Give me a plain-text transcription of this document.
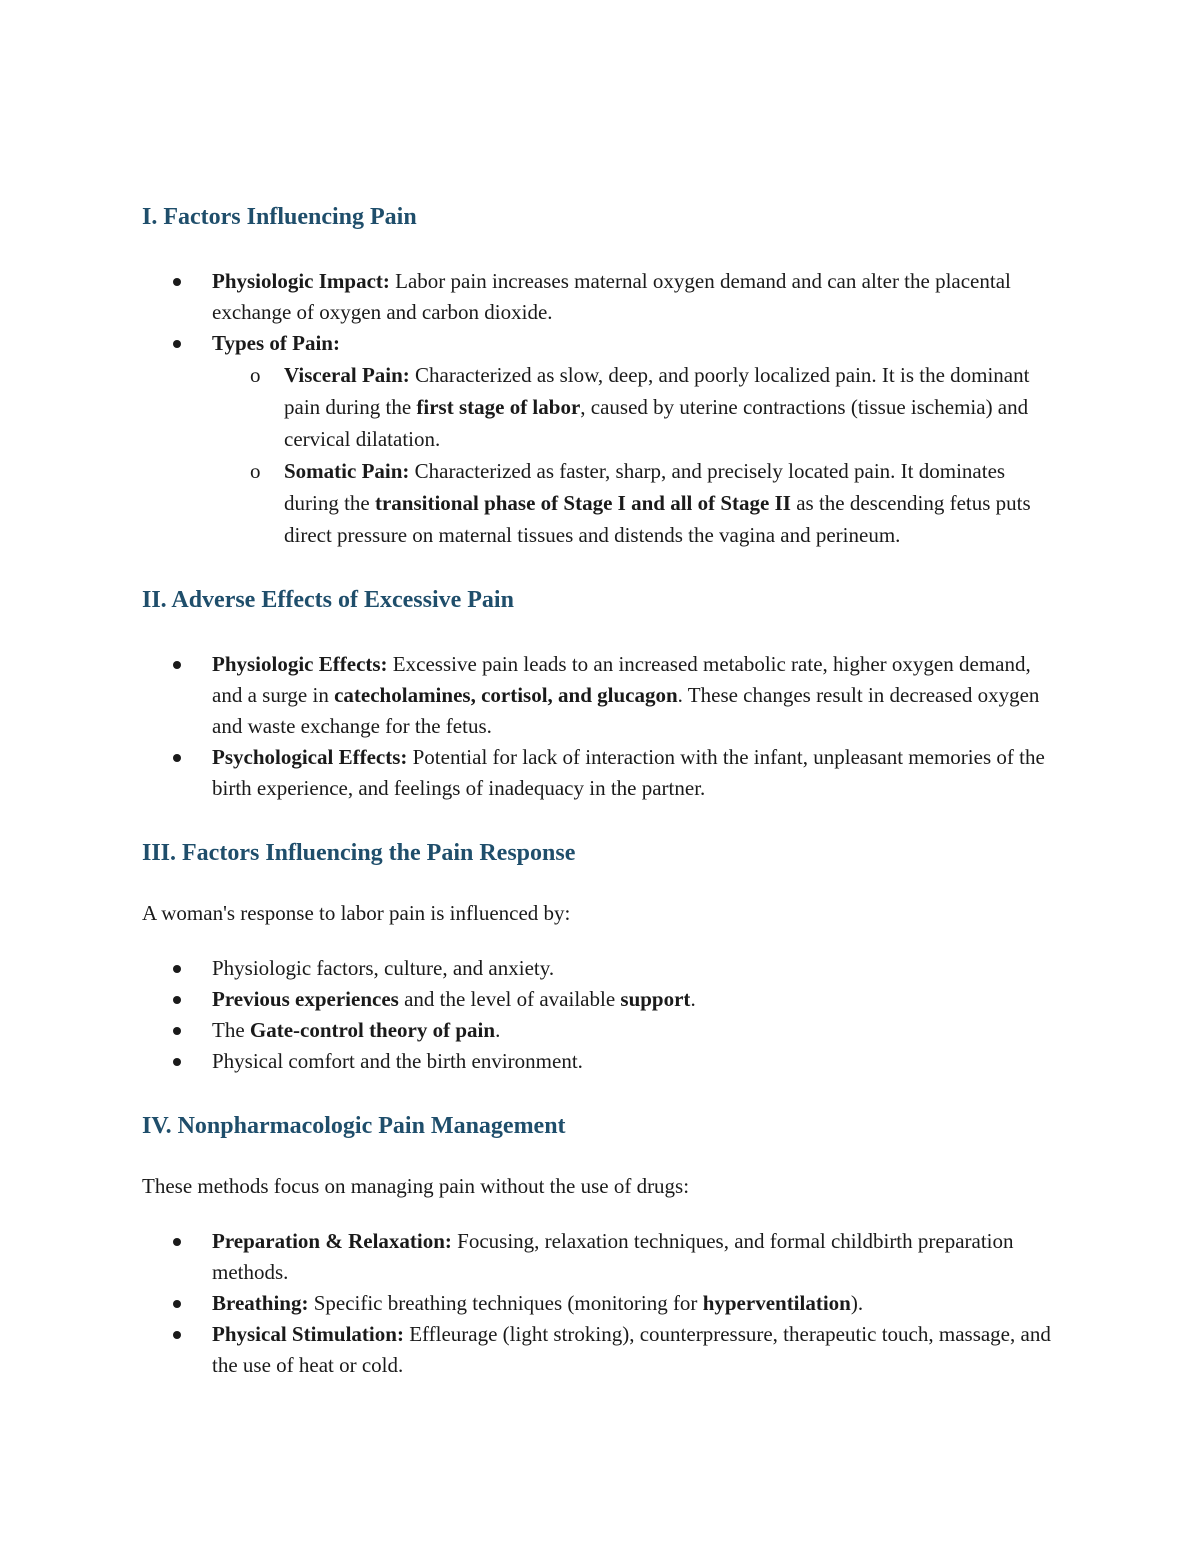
I. Factors Influencing Pain
Physiologic Impact: Labor pain increases maternal oxygen demand and can alter the placental exchange of oxygen and carbon dioxide.
Types of Pain:
o Visceral Pain: Characterized as slow, deep, and poorly localized pain. It is the dominant pain during the first stage of labor, caused by uterine contractions (tissue ischemia) and cervical dilatation.
o Somatic Pain: Characterized as faster, sharp, and precisely located pain. It dominates during the transitional phase of Stage I and all of Stage II as the descending fetus puts direct pressure on maternal tissues and distends the vagina and perineum.
II. Adverse Effects of Excessive Pain
Physiologic Effects: Excessive pain leads to an increased metabolic rate, higher oxygen demand, and a surge in catecholamines, cortisol, and glucagon. These changes result in decreased oxygen and waste exchange for the fetus.
Psychological Effects: Potential for lack of interaction with the infant, unpleasant memories of the birth experience, and feelings of inadequacy in the partner.
III. Factors Influencing the Pain Response

A woman's response to labor pain is influenced by:

Physiologic factors, culture, and anxiety.
Previous experiences and the level of available support.
The Gate-control theory of pain.
Physical comfort and the birth environment.
IV. Nonpharmacologic Pain Management

These methods focus on managing pain without the use of drugs:

Preparation & Relaxation: Focusing, relaxation techniques, and formal childbirth preparation methods.
Breathing: Specific breathing techniques (monitoring for hyperventilation).
Physical Stimulation: Effleurage (light stroking), counterpressure, therapeutic touch, massage, and the use of heat or cold.
